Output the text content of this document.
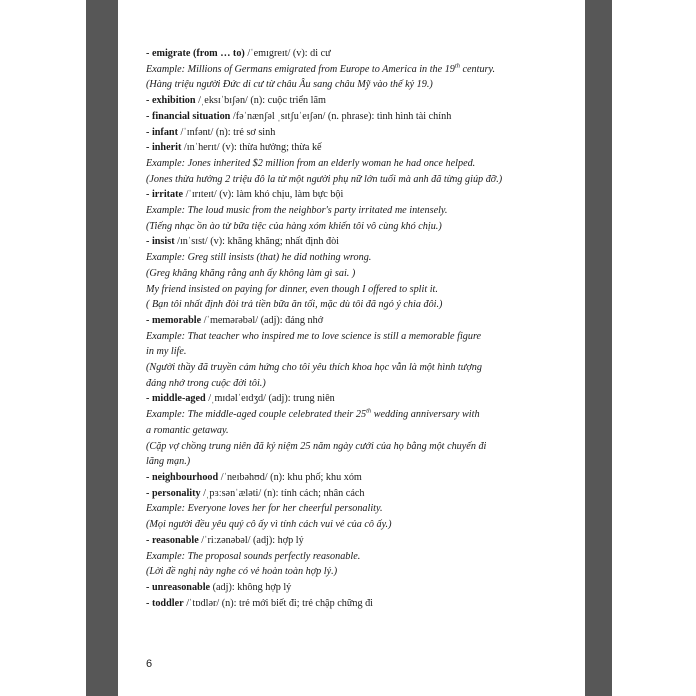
- emigrate (from … to) /ˈemɪgreɪt/ (v): di cư
Example: Millions of Germans emigrated from Europe to America in the 19th century.
(Hàng triệu người Đức di cư từ châu Âu sang châu Mỹ vào thế kỷ 19.)
- exhibition /ˌeksɪˈbɪʃən/ (n): cuộc triển lãm
- financial situation /fəˈnænʃəl ˌsɪtʃuˈeɪʃən/ (n. phrase): tình hình tài chính
- infant /ˈɪnfənt/ (n): trẻ sơ sinh
- inherit /ɪnˈherɪt/ (v): thừa hưởng; thừa kế
Example: Jones inherited $2 million from an elderly woman he had once helped.
(Jones thừa hưởng 2 triệu đô la từ một người phụ nữ lớn tuổi mà anh đã từng giúp đỡ.)
- irritate /ˈɪrɪteɪt/ (v): làm khó chịu, làm bực bội
Example: The loud music from the neighbor's party irritated me intensely.
(Tiếng nhạc ồn ào từ bữa tiệc của hàng xóm khiến tôi vô cùng khó chịu.)
- insist /ɪnˈsɪst/ (v): khăng khăng; nhất định đòi
Example: Greg still insists (that) he did nothing wrong.
(Greg khăng khăng rằng anh ấy không làm gì sai. )
My friend insisted on paying for dinner, even though I offered to split it.
( Bạn tôi nhất định đòi trả tiền bữa ăn tối, mặc dù tôi đã ngỏ ý chia đôi.)
- memorable /ˈmemərəbəl/ (adj): đáng nhớ
Example: That teacher who inspired me to love science is still a memorable figure
in my life.
(Người thầy đã truyền cảm hứng cho tôi yêu thích khoa học vẫn là một hình tượng
đáng nhớ trong cuộc đời tôi.)
- middle-aged /ˌmɪdəlˈeɪdʒd/ (adj): trung niên
Example: The middle-aged couple celebrated their 25th wedding anniversary with
a romantic getaway.
(Cặp vợ chồng trung niên đã kỷ niệm 25 năm ngày cưới của họ bằng một chuyến đi
lãng mạn.)
- neighbourhood /ˈneɪbəhʊd/ (n): khu phố; khu xóm
- personality /ˌpɜːsənˈæləti/ (n): tính cách; nhân cách
Example: Everyone loves her for her cheerful personality.
(Mọi người đều yêu quý cô ấy vì tính cách vui vẻ của cô ấy.)
- reasonable /ˈriːzənəbəl/ (adj): hợp lý
Example: The proposal sounds perfectly reasonable.
(Lời đề nghị này nghe có vẻ hoàn toàn hợp lý.)
- unreasonable (adj): không hợp lý
- toddler /ˈtɒdlər/ (n): trẻ mới biết đi; trẻ chập chững đi
6
